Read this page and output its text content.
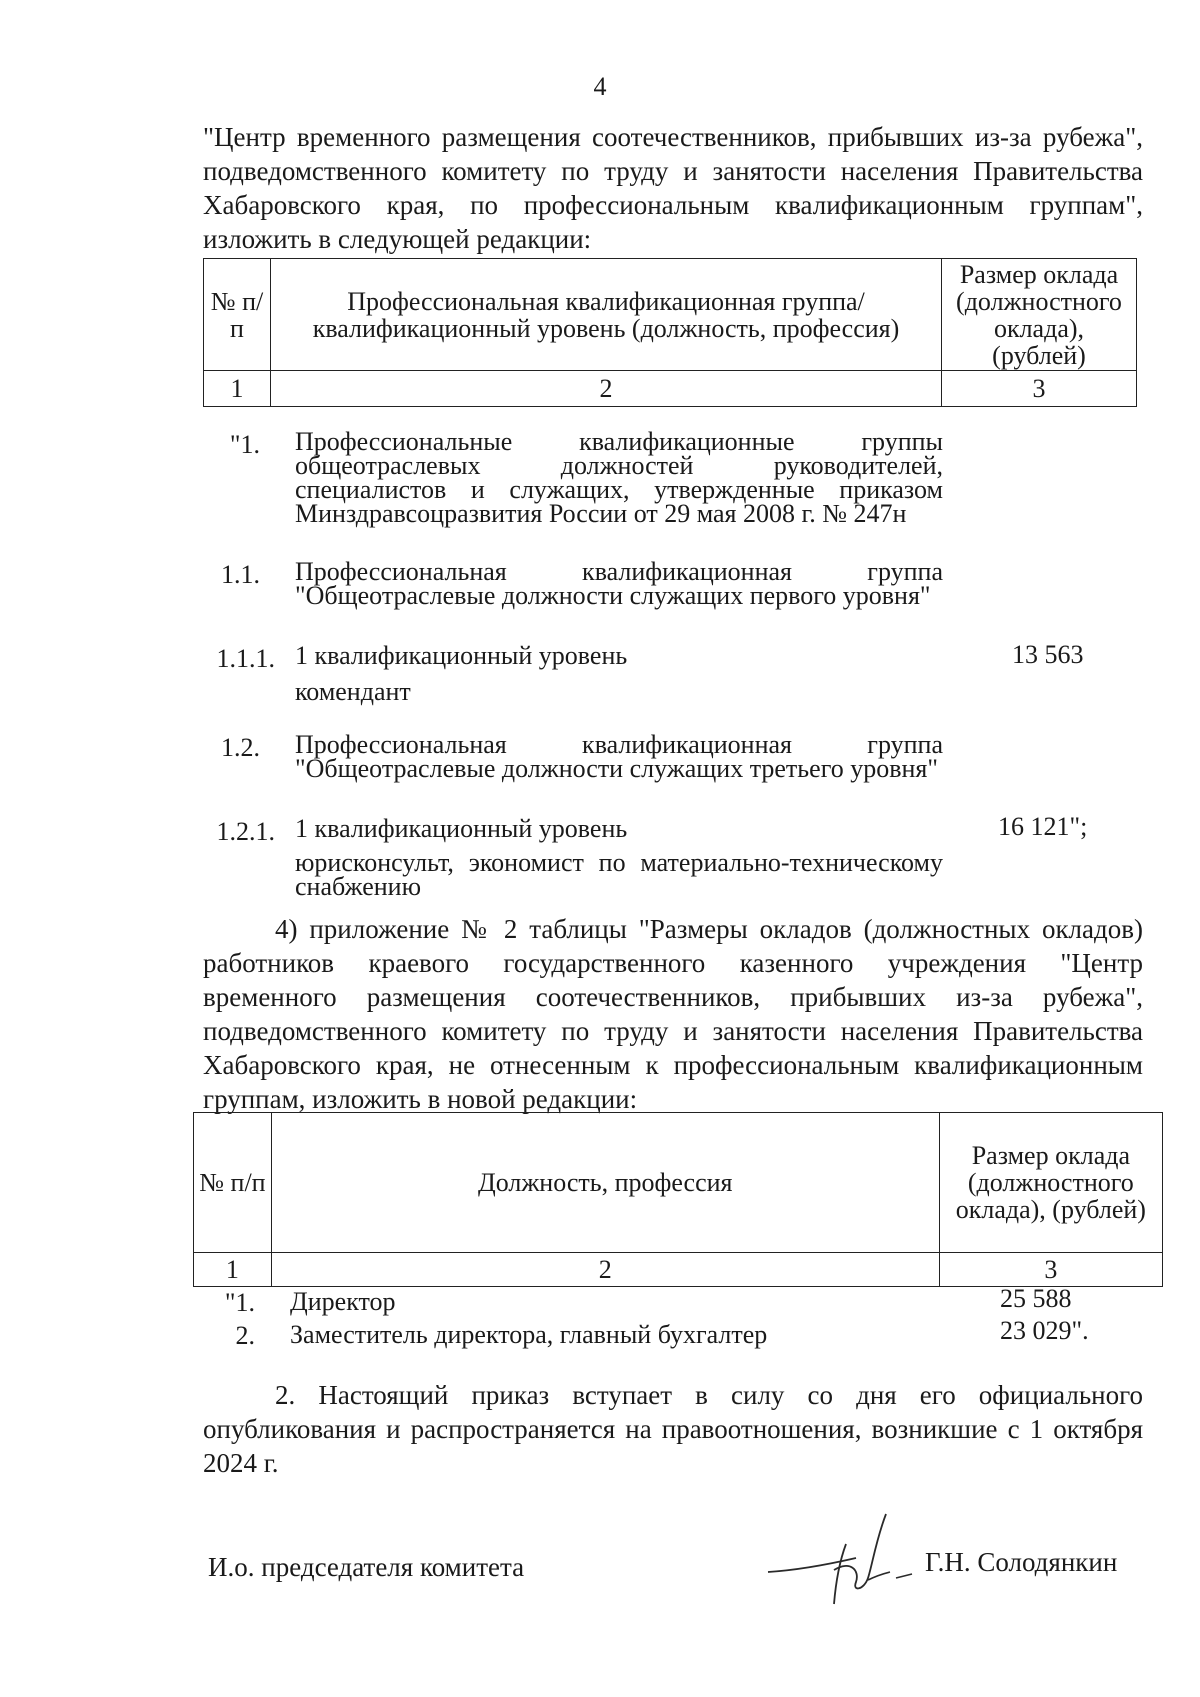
4
"Центр временного размещения соотечественников, прибывших из-за рубежа", подведомственного комитету по труду и занятости населения Правительства Хабаровского края, по профессиональным квалификационным группам", изложить в следующей редакции:
№ п/п	Профессиональная квалификационная группа/ квалификационный уровень (должность, профессия)	Размер оклада (должностного оклада), (рублей)
1	2	3
"1. Профессиональные квалификационные группы общеотраслевых должностей руководителей, специалистов и служащих, утвержденные приказом Минздравсоцразвития России от 29 мая 2008 г. № 247н
1.1. Профессиональная квалификационная группа "Общеотраслевые должности служащих первого уровня"
1.1.1. 1 квалификационный уровень	13 563
комендант
1.2. Профессиональная квалификационная группа "Общеотраслевые должности служащих третьего уровня"
1.2.1. 1 квалификационный уровень	16 121";
юрисконсульт, экономист по материально-техническому снабжению
4) приложение № 2 таблицы "Размеры окладов (должностных окладов) работников краевого государственного казенного учреждения "Центр временного размещения соотечественников, прибывших из-за рубежа", подведомственного комитету по труду и занятости населения Правительства Хабаровского края, не отнесенным к профессиональным квалификационным группам, изложить в новой редакции:
№ п/п	Должность, профессия	Размер оклада (должностного оклада), (рублей)
1	2	3
"1. Директор	25 588
2. Заместитель директора, главный бухгалтер	23 029".
2. Настоящий приказ вступает в силу со дня его официального опубликования и распространяется на правоотношения, возникшие с 1 октября 2024 г.
И.о. председателя комитета	Г.Н. Солодянкин
